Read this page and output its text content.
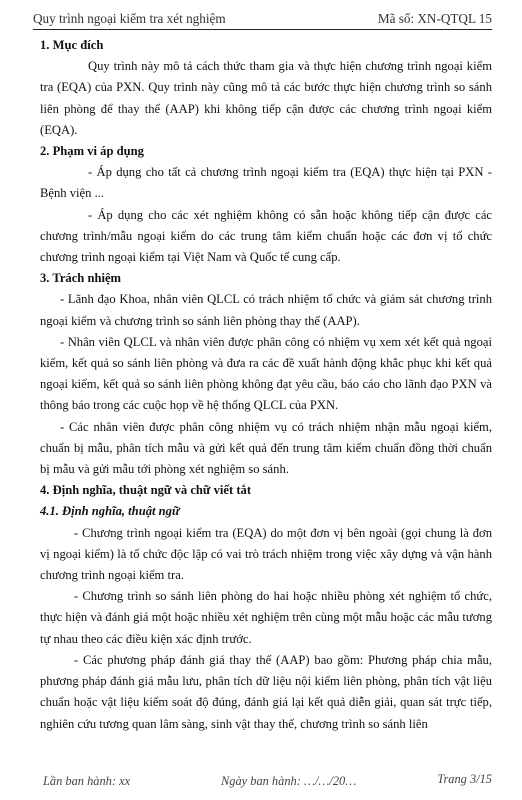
Quy trình ngoại kiểm tra xét nghiệm	Mã số: XN-QTQL 15

1. Mục đích

Quy trình này mô tả cách thức tham gia và thực hiện chương trình ngoại kiểm tra (EQA) của PXN. Quy trình này cũng mô tả các bước thực hiện chương trình so sánh liên phòng để thay thế (AAP) khi không tiếp cận được các chương trình ngoại kiểm (EQA).

2. Phạm vi áp dụng

- Áp dụng cho tất cả chương trình ngoại kiểm tra (EQA) thực hiện tại PXN - Bệnh viện ...

- Áp dụng cho các xét nghiệm không có sẵn hoặc không tiếp cận được các chương trình/mẫu ngoại kiểm do các trung tâm kiểm chuẩn hoặc các đơn vị tổ chức chương trình ngoại kiểm tại Việt Nam và Quốc tế cung cấp.

3. Trách nhiệm

- Lãnh đạo Khoa, nhân viên QLCL có trách nhiệm tổ chức và giám sát chương trình ngoại kiểm và chương trình so sánh liên phòng thay thế (AAP).

- Nhân viên QLCL và nhân viên được phân công có nhiệm vụ xem xét kết quả ngoại kiểm, kết quả so sánh liên phòng và đưa ra các đề xuất hành động khắc phục khi kết quả ngoại kiểm, kết quả so sánh liên phòng không đạt yêu cầu, báo cáo cho lãnh đạo PXN và thông báo trong các cuộc họp về hệ thống QLCL của PXN.

- Các nhân viên được phân công nhiệm vụ có trách nhiệm nhận mẫu ngoại kiểm, chuẩn bị mẫu, phân tích mẫu và gửi kết quả đến trung tâm kiểm chuẩn đồng thời chuẩn bị mẫu và gửi mẫu tới phòng xét nghiệm so sánh.

4. Định nghĩa, thuật ngữ và chữ viết tắt

4.1. Định nghĩa, thuật ngữ

- Chương trình ngoại kiểm tra (EQA) do một đơn vị bên ngoài (gọi chung là đơn vị ngoại kiểm) là tổ chức độc lập có vai trò trách nhiệm trong việc xây dựng và vận hành chương trình ngoại kiểm tra.

- Chương trình so sánh liên phòng do hai hoặc nhiều phòng xét nghiệm tổ chức, thực hiện và đánh giá một hoặc nhiều xét nghiệm trên cùng một mẫu hoặc các mẫu tương tự nhau theo các điều kiện xác định trước.

- Các phương pháp đánh giá thay thế (AAP) bao gồm: Phương pháp chia mẫu, phương pháp đánh giá mẫu lưu, phân tích dữ liệu nội kiểm liên phòng, phân tích vật liệu chuẩn hoặc vật liệu kiểm soát độ đúng, đánh giá lại kết quả diễn giải, quan sát trực tiếp, nghiên cứu tương quan lâm sàng, sinh vật thay thế, chương trình so sánh liên

Lần ban hành: xx	Ngày ban hành: …/…/20…	Trang 3/15
